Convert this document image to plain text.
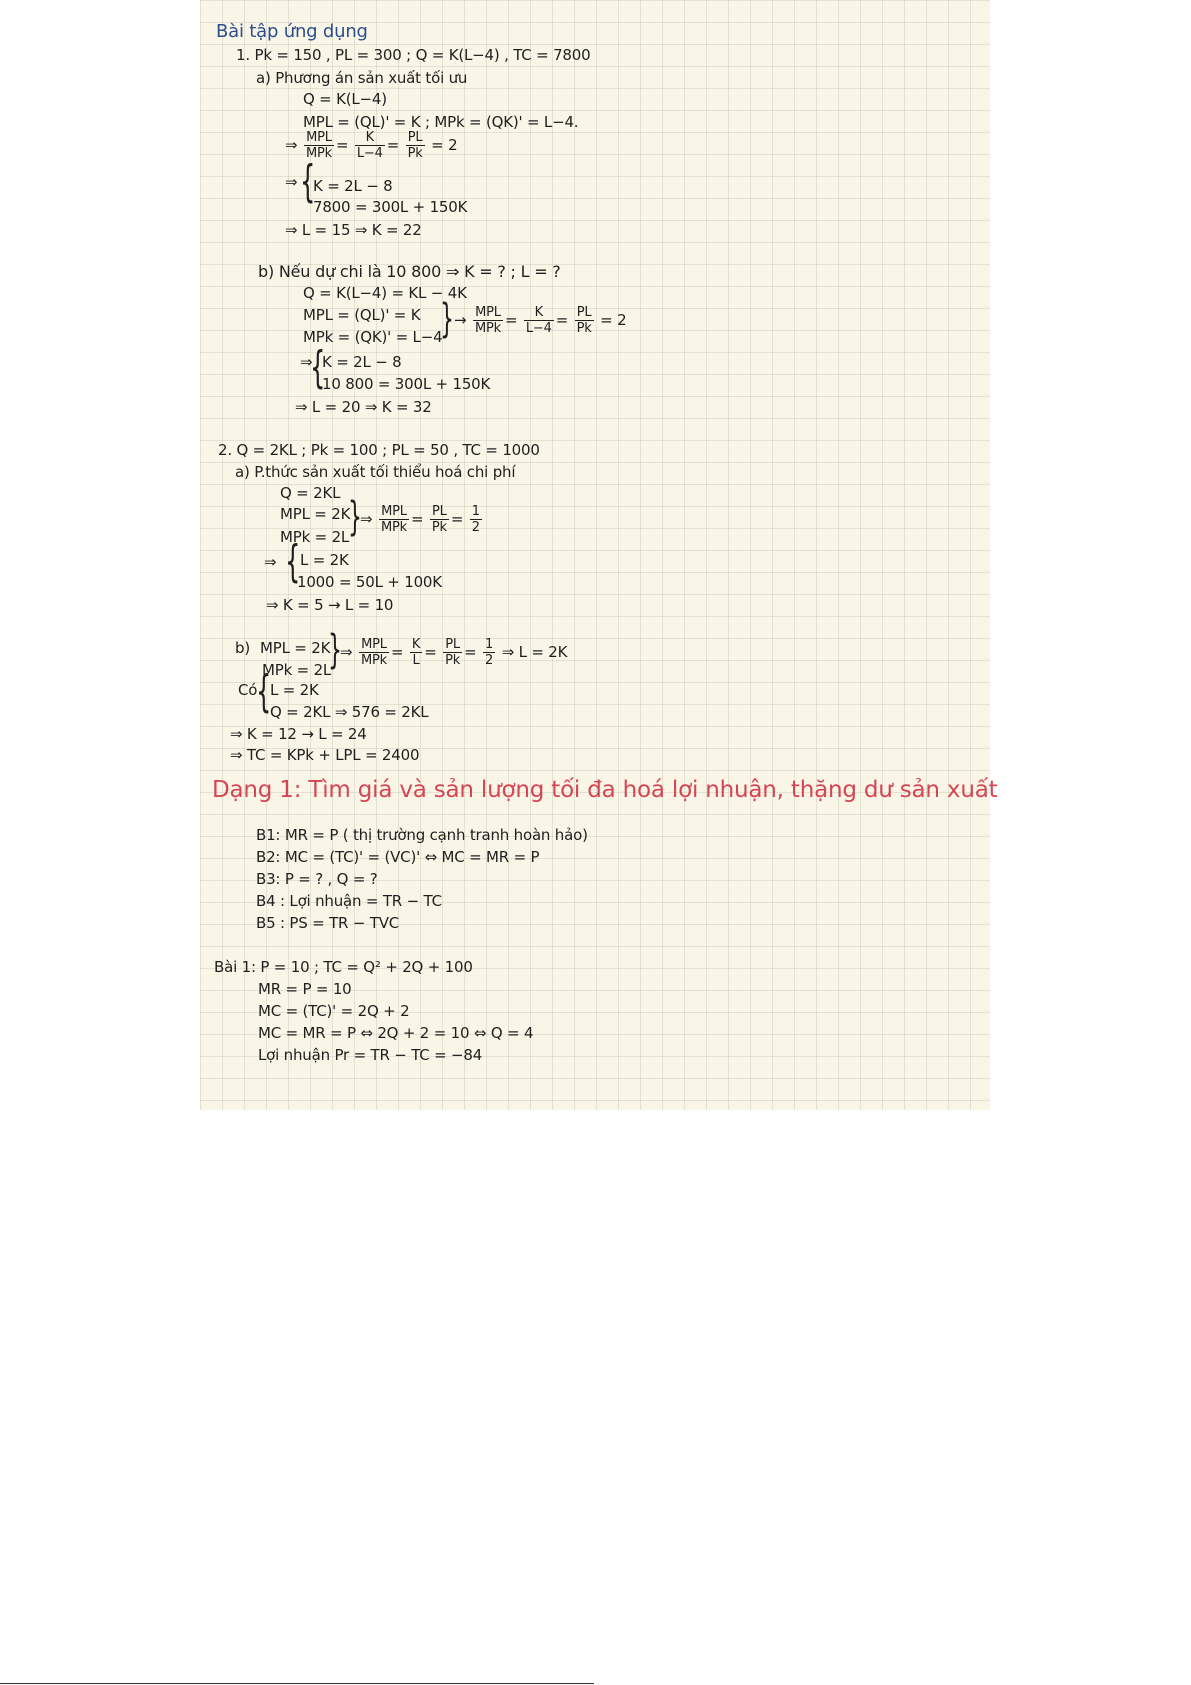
Bài tập ứng dụng
1. Pk = 150 , PL = 300 ; Q = K(L−4) , TC = 7800
a) Phương án sản xuất tối ưu
Q = K(L−4)
MPL = (QL)' = K ; MPk = (QK)' = L−4.
⇒ $\frac{\text{MPL}}{\text{MPk}} = \frac{K}{L-4} = \frac{PL}{Pk} = 2$
⇒ {
K = 2L − 8
7800 = 300L + 150K
⇒ L = 15 ⇒ K = 22
b) Nếu dự chi là 10 800 ⇒ K = ? ; L = ?
Q = K(L−4) = KL − 4K
MPL = (QL)' = K
MPk = (QK)' = L−4
} → $\frac{\text{MPL}}{\text{MPk}} = \frac{K}{L-4} = \frac{PL}{Pk} = 2$
⇒
{
K = 2L − 8
10 800 = 300L + 150K
⇒ L = 20 ⇒ K = 32
2. Q = 2KL ; Pk = 100 ; PL = 50 , TC = 1000
a) P.thức sản xuất tối thiểu hoá chi phí
Q = 2KL
MPL = 2K
MPk = 2L
}
⇒ $\frac{\text{MPL}}{\text{MPk}} = \frac{PL}{Pk} = \frac{1}{2}$
⇒ { L = 2K
1000 = 50L + 100K
⇒ K = 5 → L = 10
b) MPL = 2K
MPk = 2L
}
⇒ $\frac{\text{MPL}}{\text{MPk}} = \frac{K}{L} = \frac{PL}{Pk} = \frac{1}{2}$ ⇒ L = 2K
Có
{
L = 2K
Q = 2KL ⇒ 576 = 2KL
⇒ K = 12 → L = 24
⇒ TC = KPk + LPL = 2400
Dạng 1: Tìm giá và sản lượng tối đa hoá lợi nhuận, thặng dư sản xuất
B1: MR = P ( thị trường cạnh tranh hoàn hảo)
B2: MC = (TC)' = (VC)' ⇔ MC = MR = P
B3: P = ? , Q = ?
B4 : Lợi nhuận = TR − TC
B5 : PS = TR − TVC
Bài 1: P = 10 ; TC = Q² + 2Q + 100
MR = P = 10
MC = (TC)' = 2Q + 2
MC = MR = P ⇔ 2Q + 2 = 10 ⇔ Q = 4
Lợi nhuận Pr = TR − TC = −84
